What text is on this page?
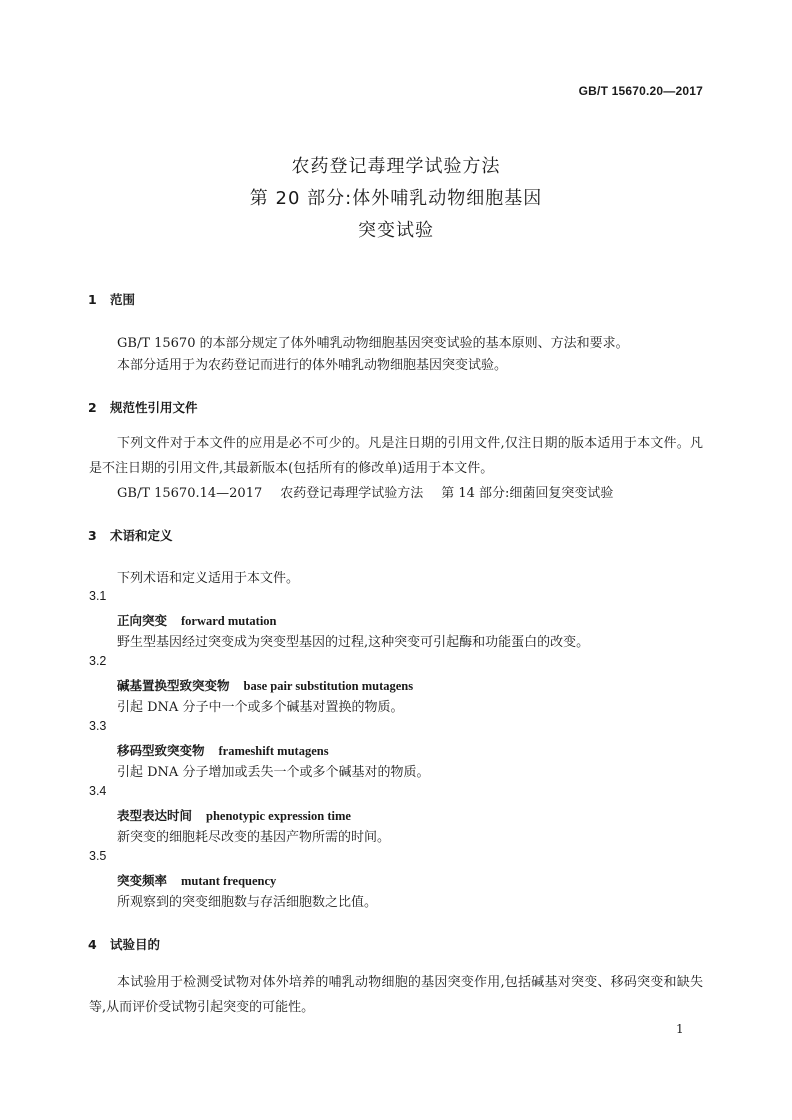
GB/T 15670.20—2017
农药登记毒理学试验方法
第 20 部分:体外哺乳动物细胞基因
突变试验
1 范围
GB/T 15670 的本部分规定了体外哺乳动物细胞基因突变试验的基本原则、方法和要求。
本部分适用于为农药登记而进行的体外哺乳动物细胞基因突变试验。
2 规范性引用文件
下列文件对于本文件的应用是必不可少的。凡是注日期的引用文件,仅注日期的版本适用于本文件。凡是不注日期的引用文件,其最新版本(包括所有的修改单)适用于本文件。
GB/T 15670.14—2017 农药登记毒理学试验方法 第 14 部分:细菌回复突变试验
3 术语和定义
下列术语和定义适用于本文件。
3.1
正向突变 forward mutation
野生型基因经过突变成为突变型基因的过程,这种突变可引起酶和功能蛋白的改变。
3.2
碱基置换型致突变物 base pair substitution mutagens
引起 DNA 分子中一个或多个碱基对置换的物质。
3.3
移码型致突变物 frameshift mutagens
引起 DNA 分子增加或丢失一个或多个碱基对的物质。
3.4
表型表达时间 phenotypic expression time
新突变的细胞耗尽改变的基因产物所需的时间。
3.5
突变频率 mutant frequency
所观察到的突变细胞数与存活细胞数之比值。
4 试验目的
本试验用于检测受试物对体外培养的哺乳动物细胞的基因突变作用,包括碱基对突变、移码突变和缺失等,从而评价受试物引起突变的可能性。
1
